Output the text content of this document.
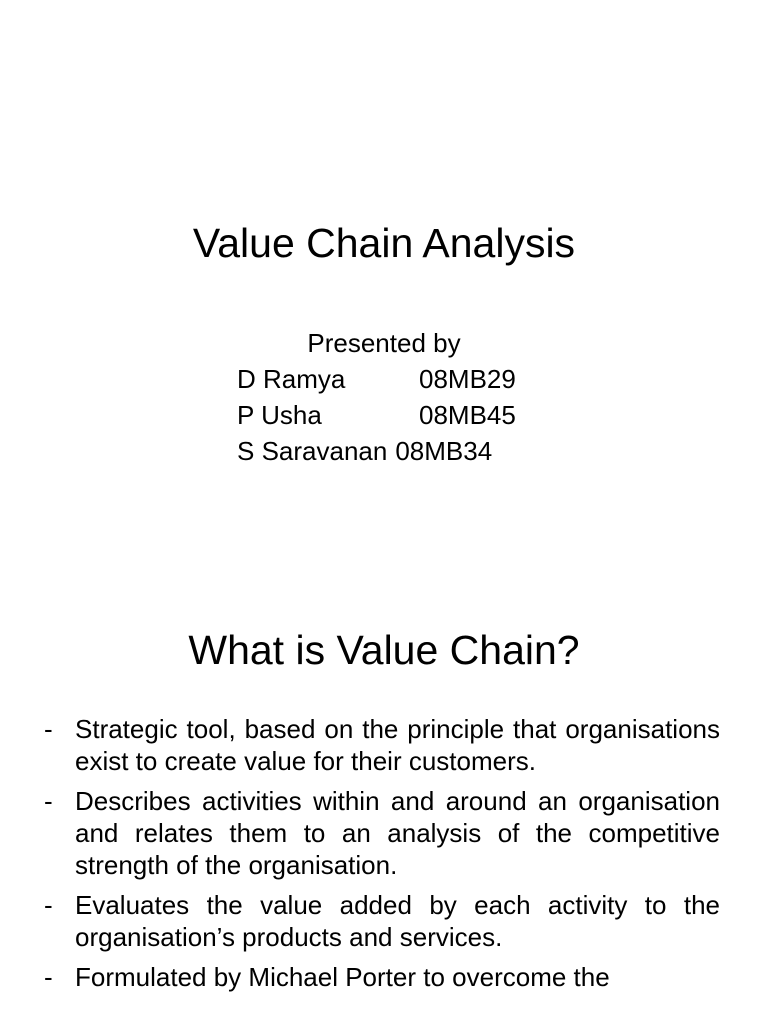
Value Chain Analysis
Presented by
D Ramya	08MB29
P Usha	08MB45
S Saravanan 08MB34
What is Value Chain?
- Strategic tool, based on the principle that organisations exist to create value for their customers.
- Describes activities within and around an organisation and relates them to an analysis of the competitive strength of the organisation.
- Evaluates the value added by each activity to the organisation’s products and services.
- Formulated by Michael Porter to overcome the
